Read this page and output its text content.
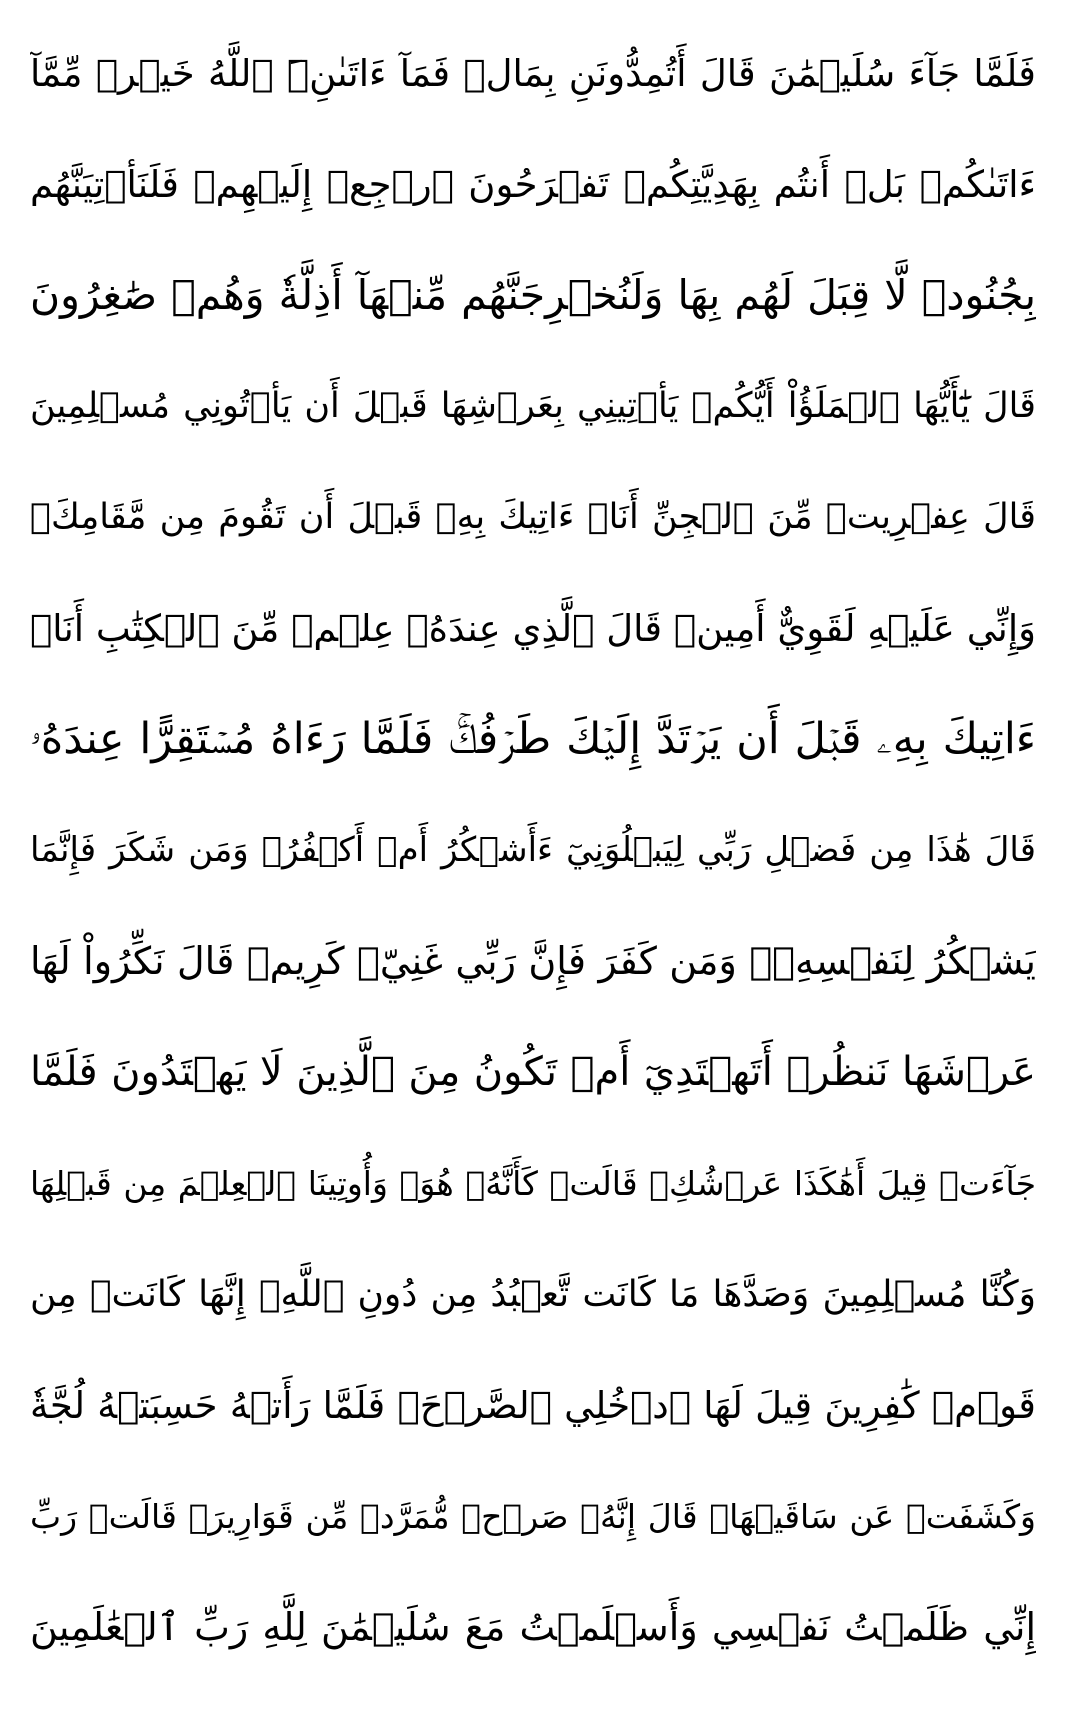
فَلَمَّا جَآءَ سُلَيۡمَٰنَ قَالَ أَتُمِدُّونَنِ بِمَالٖ فَمَآ ءَاتَىٰنِۦَ ٱللَّهُ خَيۡرٞ مِّمَّآ
ءَاتَىٰكُمۚ بَلۡ أَنتُم بِهَدِيَّتِكُمۡ تَفۡرَحُونَ ٱرۡجِعۡ إِلَيۡهِمۡ فَلَنَأۡتِيَنَّهُم
بِجُنُودٖ لَّا قِبَلَ لَهُم بِهَا وَلَنُخۡرِجَنَّهُم مِّنۡهَآ أَذِلَّةٗ وَهُمۡ صَٰغِرُونَ
قَالَ يَٰٓأَيُّهَا ٱلۡمَلَؤُاْ أَيُّكُمۡ يَأۡتِينِي بِعَرۡشِهَا قَبۡلَ أَن يَأۡتُونِي مُسۡلِمِينَ
قَالَ عِفۡرِيتٞ مِّنَ ٱلۡجِنِّ أَنَا۠ ءَاتِيكَ بِهِۦ قَبۡلَ أَن تَقُومَ مِن مَّقَامِكَۖ
وَإِنِّي عَلَيۡهِ لَقَوِيٌّ أَمِينٞ قَالَ ٱلَّذِي عِندَهُۥ عِلۡمٞ مِّنَ ٱلۡكِتَٰبِ أَنَا۠
ءَاتِيكَ بِهِۦ قَبۡلَ أَن يَرۡتَدَّ إِلَيۡكَ طَرۡفُكَۚ فَلَمَّا رَءَاهُ مُسۡتَقِرًّا عِندَهُۥ
قَالَ هَٰذَا مِن فَضۡلِ رَبِّي لِيَبۡلُوَنِيٓ ءَأَشۡكُرُ أَمۡ أَكۡفُرُۖ وَمَن شَكَرَ فَإِنَّمَا
يَشۡكُرُ لِنَفۡسِهِۦۖ وَمَن كَفَرَ فَإِنَّ رَبِّي غَنِيّٞ كَرِيمٞ قَالَ نَكِّرُواْ لَهَا
عَرۡشَهَا نَنظُرۡ أَتَهۡتَدِيٓ أَمۡ تَكُونُ مِنَ ٱلَّذِينَ لَا يَهۡتَدُونَ فَلَمَّا
جَآءَتۡ قِيلَ أَهَٰكَذَا عَرۡشُكِۖ قَالَتۡ كَأَنَّهُۥ هُوَۚ وَأُوتِينَا ٱلۡعِلۡمَ مِن قَبۡلِهَا
وَكُنَّا مُسۡلِمِينَ وَصَدَّهَا مَا كَانَت تَّعۡبُدُ مِن دُونِ ٱللَّهِۖ إِنَّهَا كَانَتۡ مِن
قَوۡمٖ كَٰفِرِينَ قِيلَ لَهَا ٱدۡخُلِي ٱلصَّرۡحَۖ فَلَمَّا رَأَتۡهُ حَسِبَتۡهُ لُجَّةٗ
وَكَشَفَتۡ عَن سَاقَيۡهَاۚ قَالَ إِنَّهُۥ صَرۡحٞ مُّمَرَّدٞ مِّن قَوَارِيرَۗ قَالَتۡ رَبِّ
إِنِّي ظَلَمۡتُ نَفۡسِي وَأَسۡلَمۡتُ مَعَ سُلَيۡمَٰنَ لِلَّهِ رَبِّ ٱلۡعَٰلَمِينَ
